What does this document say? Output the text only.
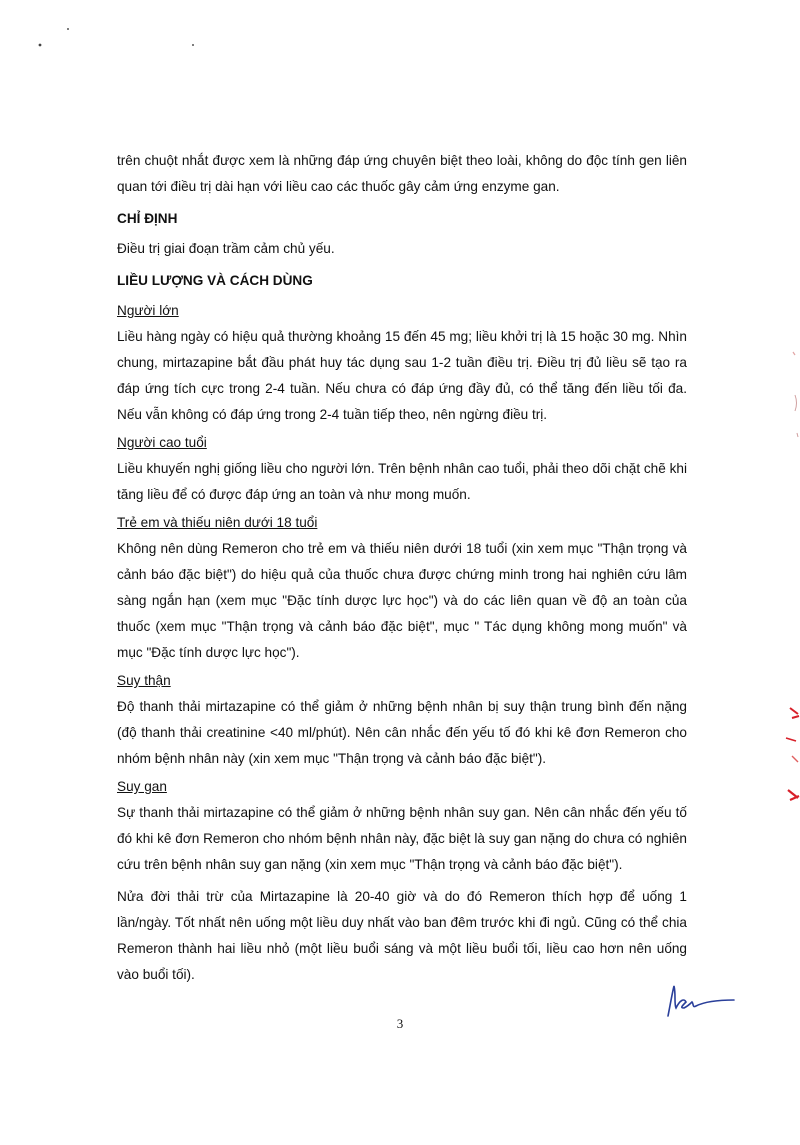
trên chuột nhắt được xem là những đáp ứng chuyên biệt theo loài, không do độc tính gen liên quan tới điều trị dài hạn với liều cao các thuốc gây cảm ứng enzyme gan.

CHỈ ĐỊNH

Điều trị giai đoạn trầm cảm chủ yếu.

LIỀU LƯỢNG VÀ CÁCH DÙNG

Người lớn

Liều hàng ngày có hiệu quả thường khoảng 15 đến 45 mg; liều khởi trị là 15 hoặc 30 mg. Nhìn chung, mirtazapine bắt đầu phát huy tác dụng sau 1-2 tuần điều trị. Điều trị đủ liều sẽ tạo ra đáp ứng tích cực trong 2-4 tuần. Nếu chưa có đáp ứng đầy đủ, có thể tăng đến liều tối đa. Nếu vẫn không có đáp ứng trong 2-4 tuần tiếp theo, nên ngừng điều trị.

Người cao tuổi

Liều khuyến nghị giống liều cho người lớn. Trên bệnh nhân cao tuổi, phải theo dõi chặt chẽ khi tăng liều để có được đáp ứng an toàn và như mong muốn.

Trẻ em và thiếu niên dưới 18 tuổi

Không nên dùng Remeron cho trẻ em và thiếu niên dưới 18 tuổi (xin xem mục "Thận trọng và cảnh báo đặc biệt") do hiệu quả của thuốc chưa được chứng minh trong hai nghiên cứu lâm sàng ngắn hạn (xem mục "Đặc tính dược lực học") và do các liên quan về độ an toàn của thuốc (xem mục "Thận trọng và cảnh báo đặc biệt", mục " Tác dụng không mong muốn" và mục "Đặc tính dược lực học").

Suy thận

Độ thanh thải mirtazapine có thể giảm ở những bệnh nhân bị suy thận trung bình đến nặng (độ thanh thải creatinine <40 ml/phút). Nên cân nhắc đến yếu tố đó khi kê đơn Remeron cho nhóm bệnh nhân này (xin xem mục "Thận trọng và cảnh báo đặc biệt").

Suy gan

Sự thanh thải mirtazapine có thể giảm ở những bệnh nhân suy gan. Nên cân nhắc đến yếu tố đó khi kê đơn Remeron cho nhóm bệnh nhân này, đặc biệt là suy gan nặng do chưa có nghiên cứu trên bệnh nhân suy gan nặng (xin xem mục "Thận trọng và cảnh báo đặc biệt").

Nửa đời thải trừ của Mirtazapine là 20-40 giờ và do đó Remeron thích hợp để uống 1 lần/ngày. Tốt nhất nên uống một liều duy nhất vào ban đêm trước khi đi ngủ. Cũng có thể chia Remeron thành hai liều nhỏ (một liều buổi sáng và một liều buổi tối, liều cao hơn nên uống vào buổi tối).

3
